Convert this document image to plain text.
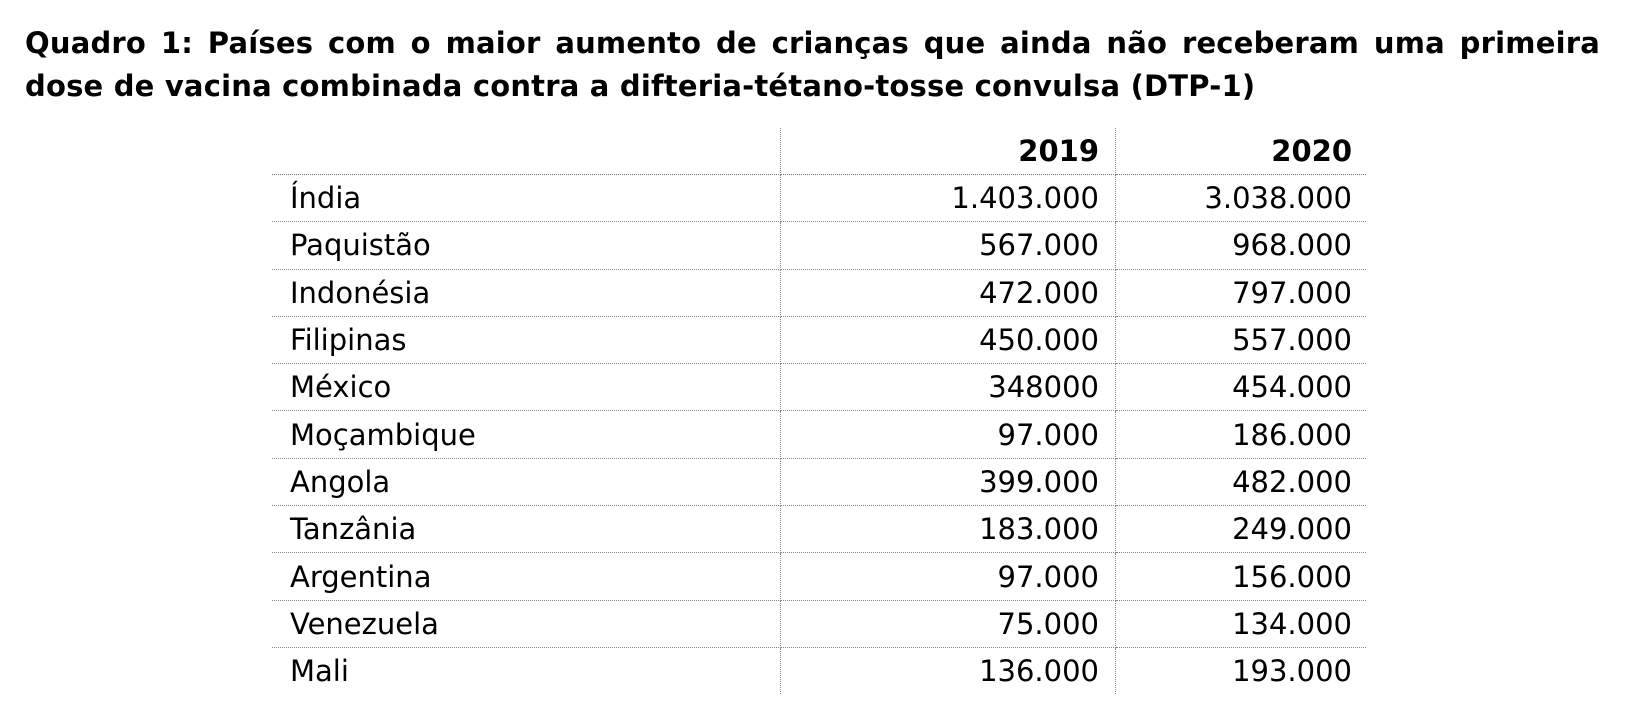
Quadro 1: Países com o maior aumento de crianças que ainda não receberam uma primeira dose de vacina combinada contra a difteria-tétano-tosse convulsa (DTP-1)
	2019	2020
Índia	1.403.000	3.038.000
Paquistão	567.000	968.000
Indonésia	472.000	797.000
Filipinas	450.000	557.000
México	348000	454.000
Moçambique	97.000	186.000
Angola	399.000	482.000
Tanzânia	183.000	249.000
Argentina	97.000	156.000
Venezuela	75.000	134.000
Mali	136.000	193.000
